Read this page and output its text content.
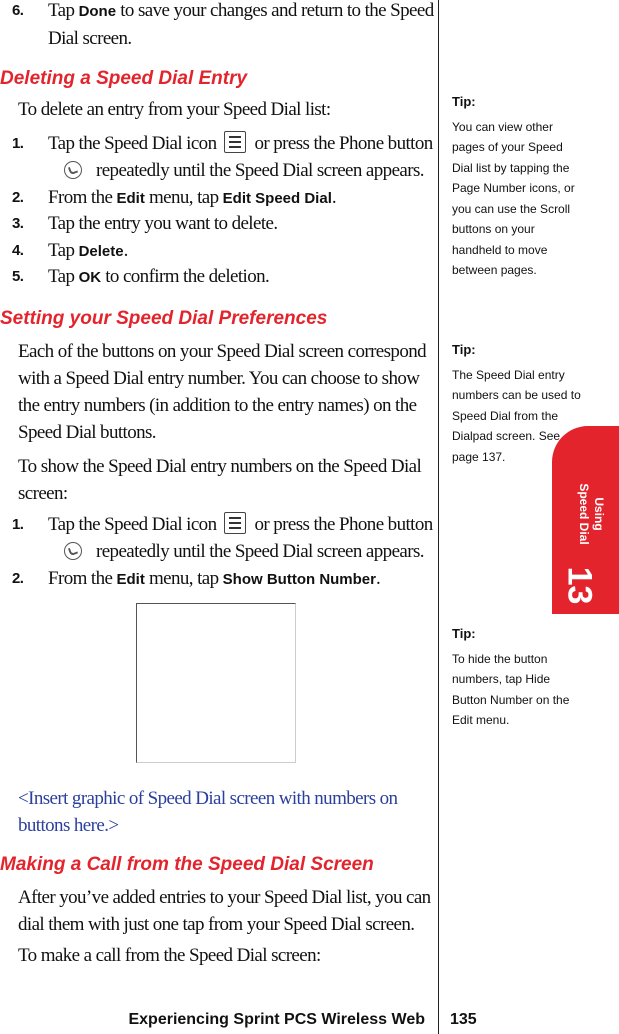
6. Tap Done to save your changes and return to the Speed Dial screen.
Deleting a Speed Dial Entry
To delete an entry from your Speed Dial list:
1. Tap the Speed Dial icon or press the Phone button
repeatedly until the Speed Dial screen appears.
2. From the Edit menu, tap Edit Speed Dial.
3. Tap the entry you want to delete.
4. Tap Delete.
5. Tap OK to confirm the deletion.
Setting your Speed Dial Preferences
Each of the buttons on your Speed Dial screen correspond with a Speed Dial entry number. You can choose to show the entry numbers (in addition to the entry names) on the Speed Dial buttons.
To show the Speed Dial entry numbers on the Speed Dial screen:
1. Tap the Speed Dial icon or press the Phone button
repeatedly until the Speed Dial screen appears.
2. From the Edit menu, tap Show Button Number.
<Insert graphic of Speed Dial screen with numbers on buttons here.>
Making a Call from the Speed Dial Screen
After you’ve added entries to your Speed Dial list, you can dial them with just one tap from your Speed Dial screen.
To make a call from the Speed Dial screen:
Tip:
You can view other pages of your Speed Dial list by tapping the Page Number icons, or you can use the Scroll buttons on your handheld to move between pages.
Tip:
The Speed Dial entry numbers can be used to Speed Dial from the Dialpad screen. See page 137.
Tip:
To hide the button numbers, tap Hide Button Number on the Edit menu.
Using
Speed Dial
13
Experiencing Sprint PCS Wireless Web 135
